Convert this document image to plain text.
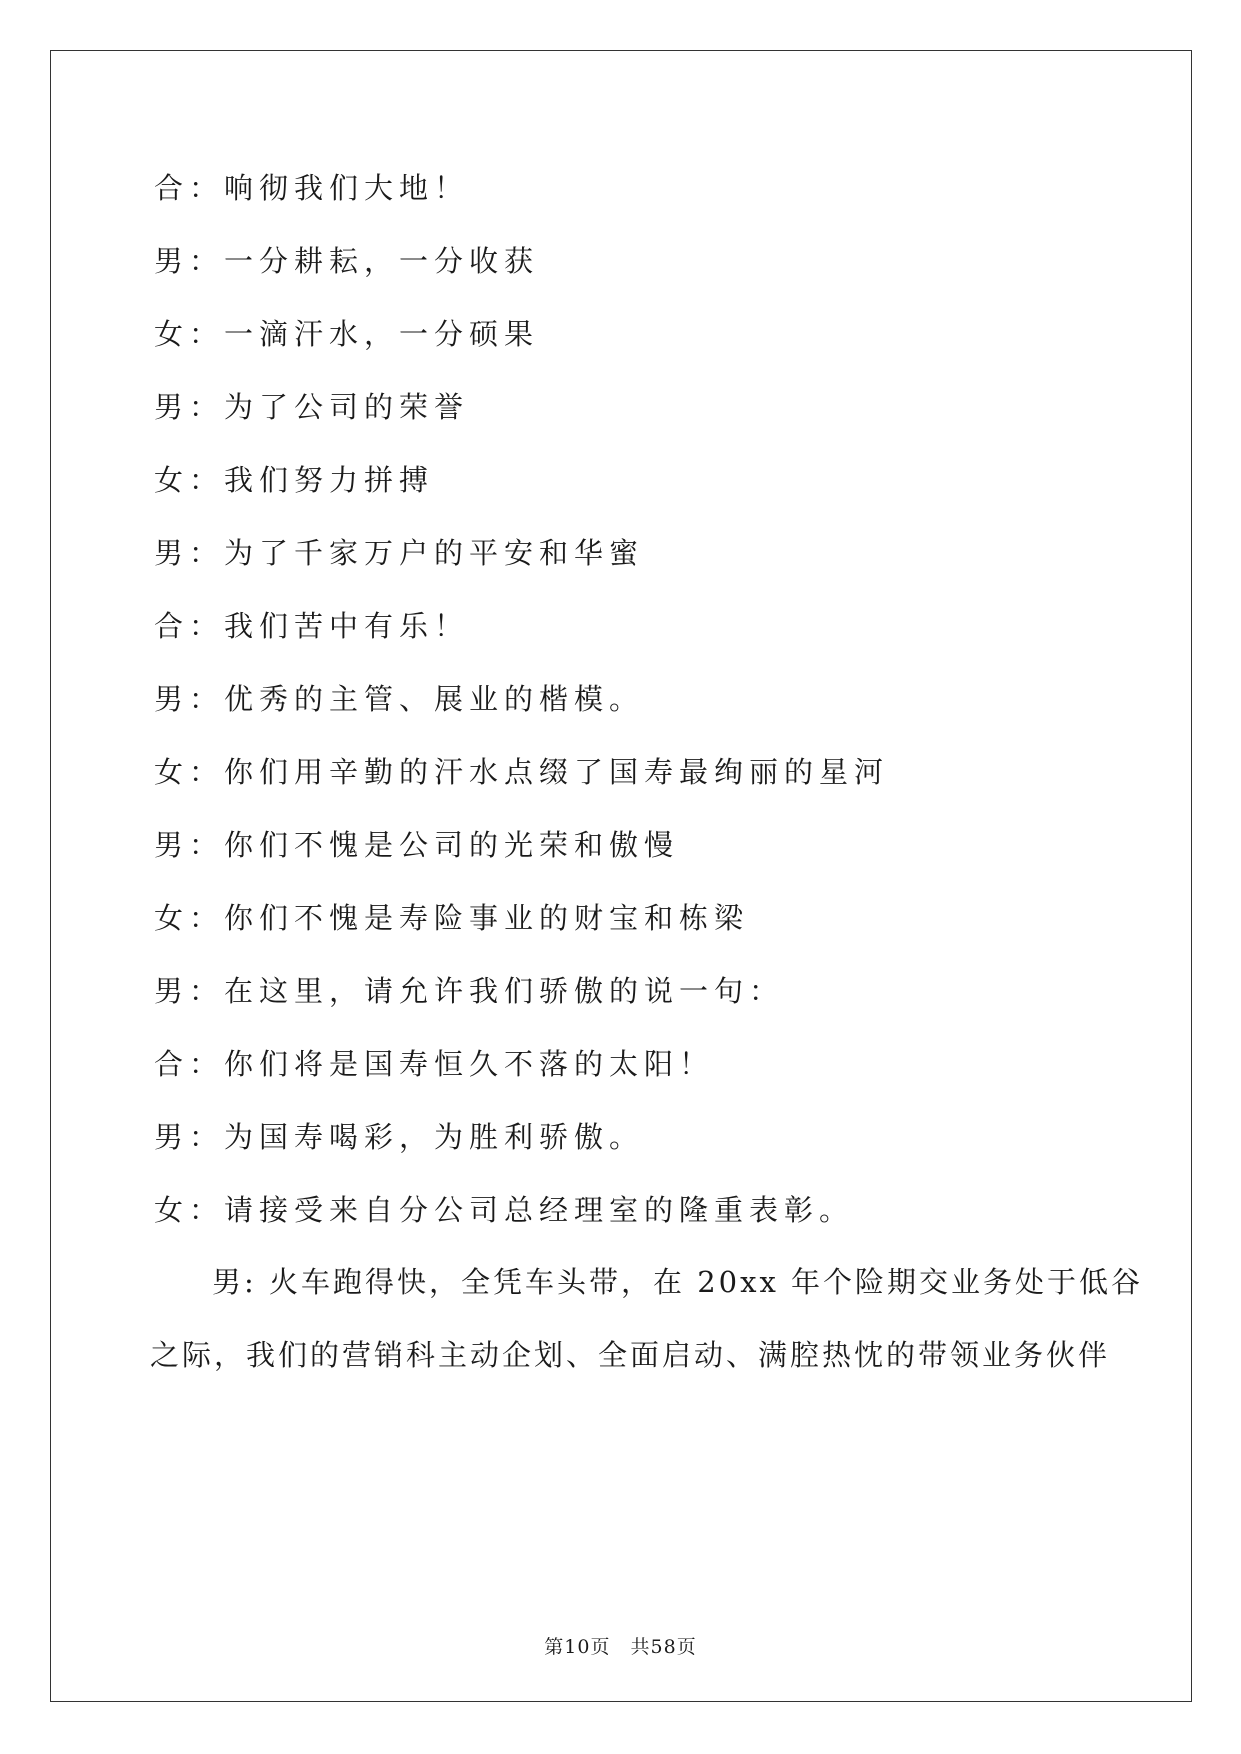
合：响彻我们大地！
男：一分耕耘，一分收获
女：一滴汗水，一分硕果
男：为了公司的荣誉
女：我们努力拼搏
男：为了千家万户的平安和华蜜
合：我们苦中有乐！
男：优秀的主管、展业的楷模。
女：你们用辛勤的汗水点缀了国寿最绚丽的星河
男：你们不愧是公司的光荣和傲慢
女：你们不愧是寿险事业的财宝和栋梁
男：在这里，请允许我们骄傲的说一句：
合：你们将是国寿恒久不落的太阳！
男：为国寿喝彩，为胜利骄傲。
女：请接受来自分公司总经理室的隆重表彰。
男: 火车跑得快，全凭车头带，在 20xx 年个险期交业务处于低谷
之际，我们的营销科主动企划、全面启动、满腔热忱的带领业务伙伴
第10页　共58页
